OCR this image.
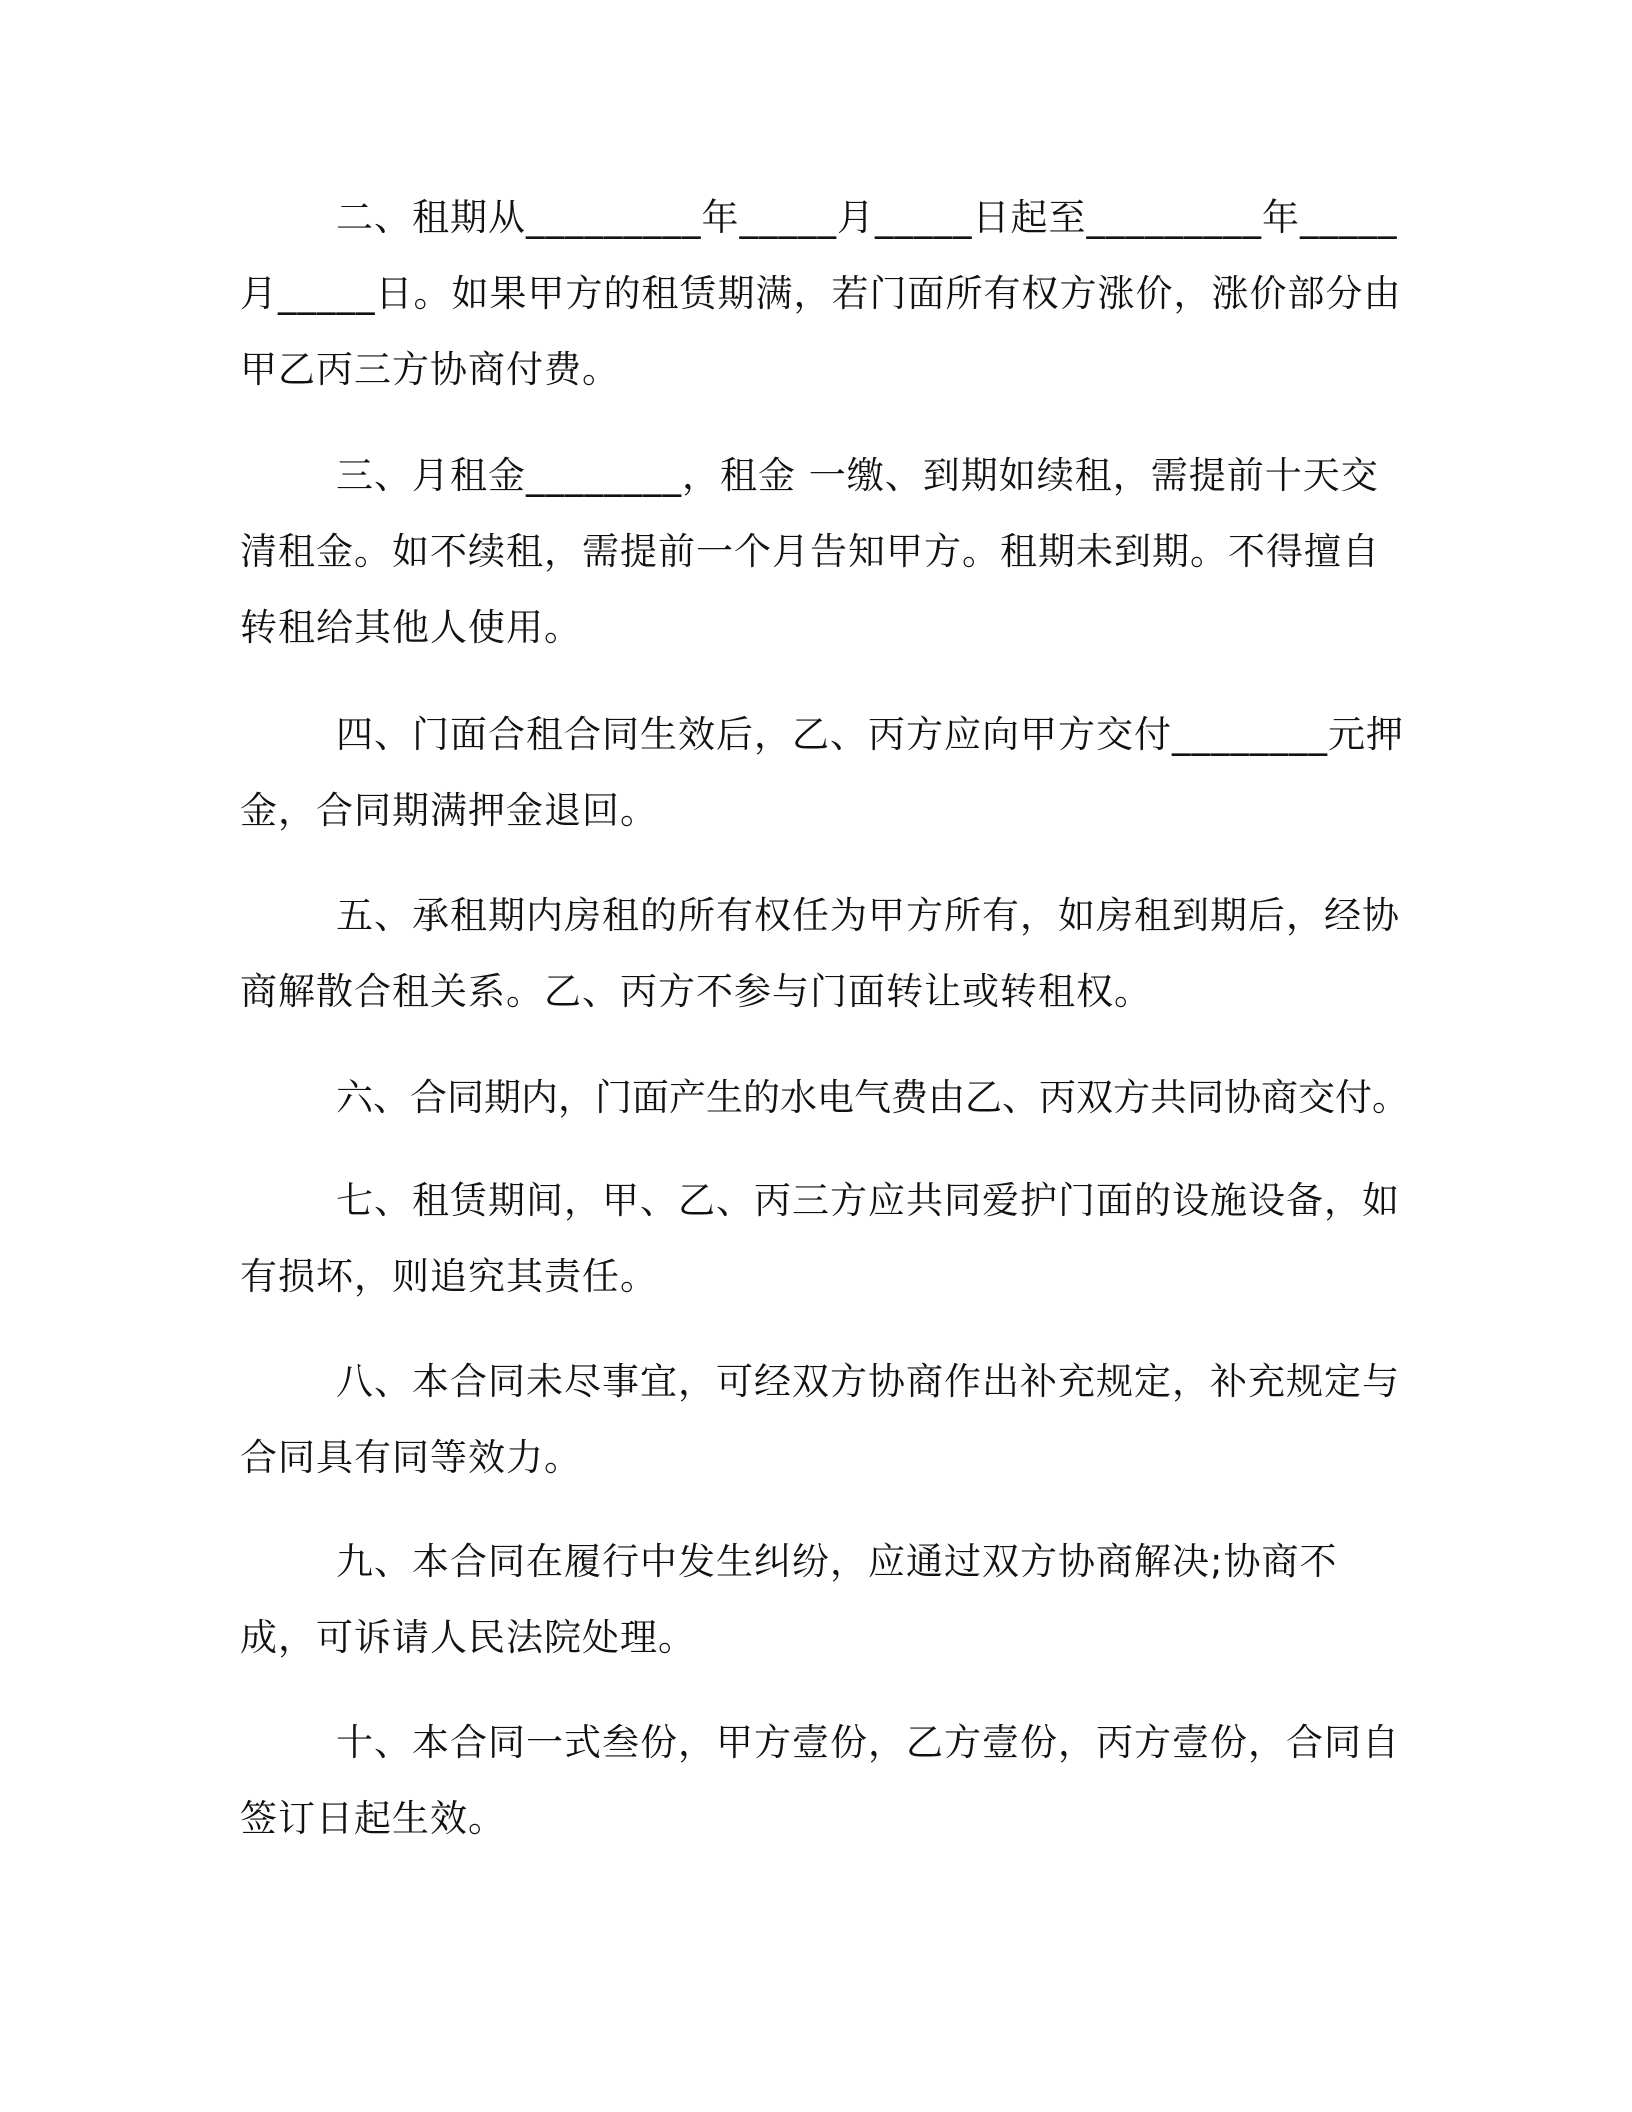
二、租期从_________年_____月_____日起至_________年_____月_____日。如果甲方的租赁期满，若门面所有权方涨价，涨价部分由甲乙丙三方协商付费。

三、月租金________，租金 一缴、到期如续租，需提前十天交清租金。如不续租，需提前一个月告知甲方。租期未到期。不得擅自转租给其他人使用。

四、门面合租合同生效后，乙、丙方应向甲方交付________元押金，合同期满押金退回。

五、承租期内房租的所有权任为甲方所有，如房租到期后，经协商解散合租关系。乙、丙方不参与门面转让或转租权。

六、合同期内，门面产生的水电气费由乙、丙双方共同协商交付。

七、租赁期间，甲、乙、丙三方应共同爱护门面的设施设备，如有损坏，则追究其责任。

八、本合同未尽事宜，可经双方协商作出补充规定，补充规定与合同具有同等效力。

九、本合同在履行中发生纠纷，应通过双方协商解决;协商不成，可诉请人民法院处理。

十、本合同一式叁份，甲方壹份，乙方壹份，丙方壹份，合同自签订日起生效。
